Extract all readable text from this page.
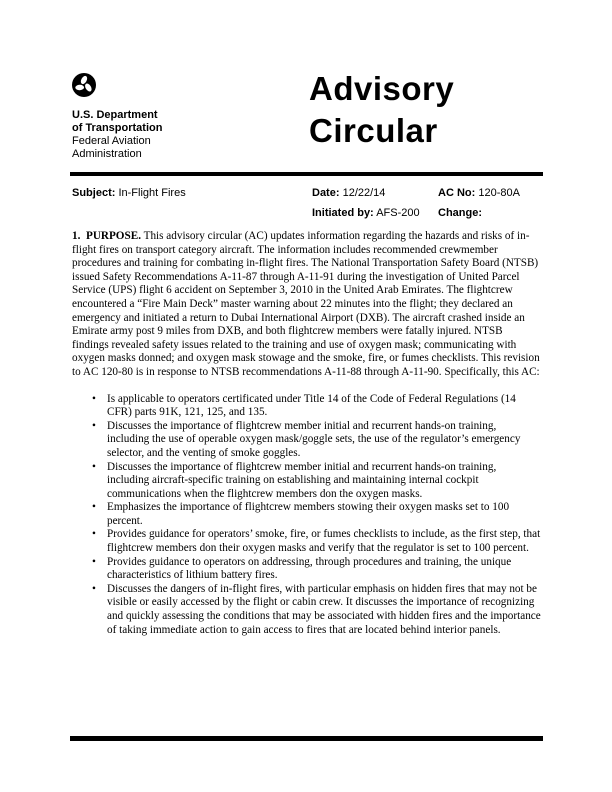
U.S. Department
of Transportation
Federal Aviation
Administration
Advisory
Circular
Subject: In-Flight Fires	Date: 12/22/14	AC No: 120-80A
Initiated by: AFS-200 Change:

1.  PURPOSE. This advisory circular (AC) updates information regarding the hazards and risks of in-flight fires on transport category aircraft. The information includes recommended crewmember procedures and training for combating in-flight fires. The National Transportation Safety Board (NTSB) issued Safety Recommendations A-11-87 through A-11-91 during the investigation of United Parcel Service (UPS) flight 6 accident on September 3, 2010 in the United Arab Emirates. The flightcrew encountered a “Fire Main Deck” master warning about 22 minutes into the flight; they declared an emergency and initiated a return to Dubai International Airport (DXB). The aircraft crashed inside an Emirate army post 9 miles from DXB, and both flightcrew members were fatally injured. NTSB findings revealed safety issues related to the training and use of oxygen mask; communicating with oxygen masks donned; and oxygen mask stowage and the smoke, fire, or fumes checklists. This revision to AC 120-80 is in response to NTSB recommendations A-11-88 through A-11-90. Specifically, this AC:

• Is applicable to operators certificated under Title 14 of the Code of Federal Regulations (14 CFR) parts 91K, 121, 125, and 135.
• Discusses the importance of flightcrew member initial and recurrent hands-on training, including the use of operable oxygen mask/goggle sets, the use of the regulator’s emergency selector, and the venting of smoke goggles.
• Discusses the importance of flightcrew member initial and recurrent hands-on training, including aircraft-specific training on establishing and maintaining internal cockpit communications when the flightcrew members don the oxygen masks.
• Emphasizes the importance of flightcrew members stowing their oxygen masks set to 100 percent.
• Provides guidance for operators’ smoke, fire, or fumes checklists to include, as the first step, that flightcrew members don their oxygen masks and verify that the regulator is set to 100 percent.
• Provides guidance to operators on addressing, through procedures and training, the unique characteristics of lithium battery fires.
• Discusses the dangers of in-flight fires, with particular emphasis on hidden fires that may not be visible or easily accessed by the flight or cabin crew. It discusses the importance of recognizing and quickly assessing the conditions that may be associated with hidden fires and the importance of taking immediate action to gain access to fires that are located behind interior panels.
